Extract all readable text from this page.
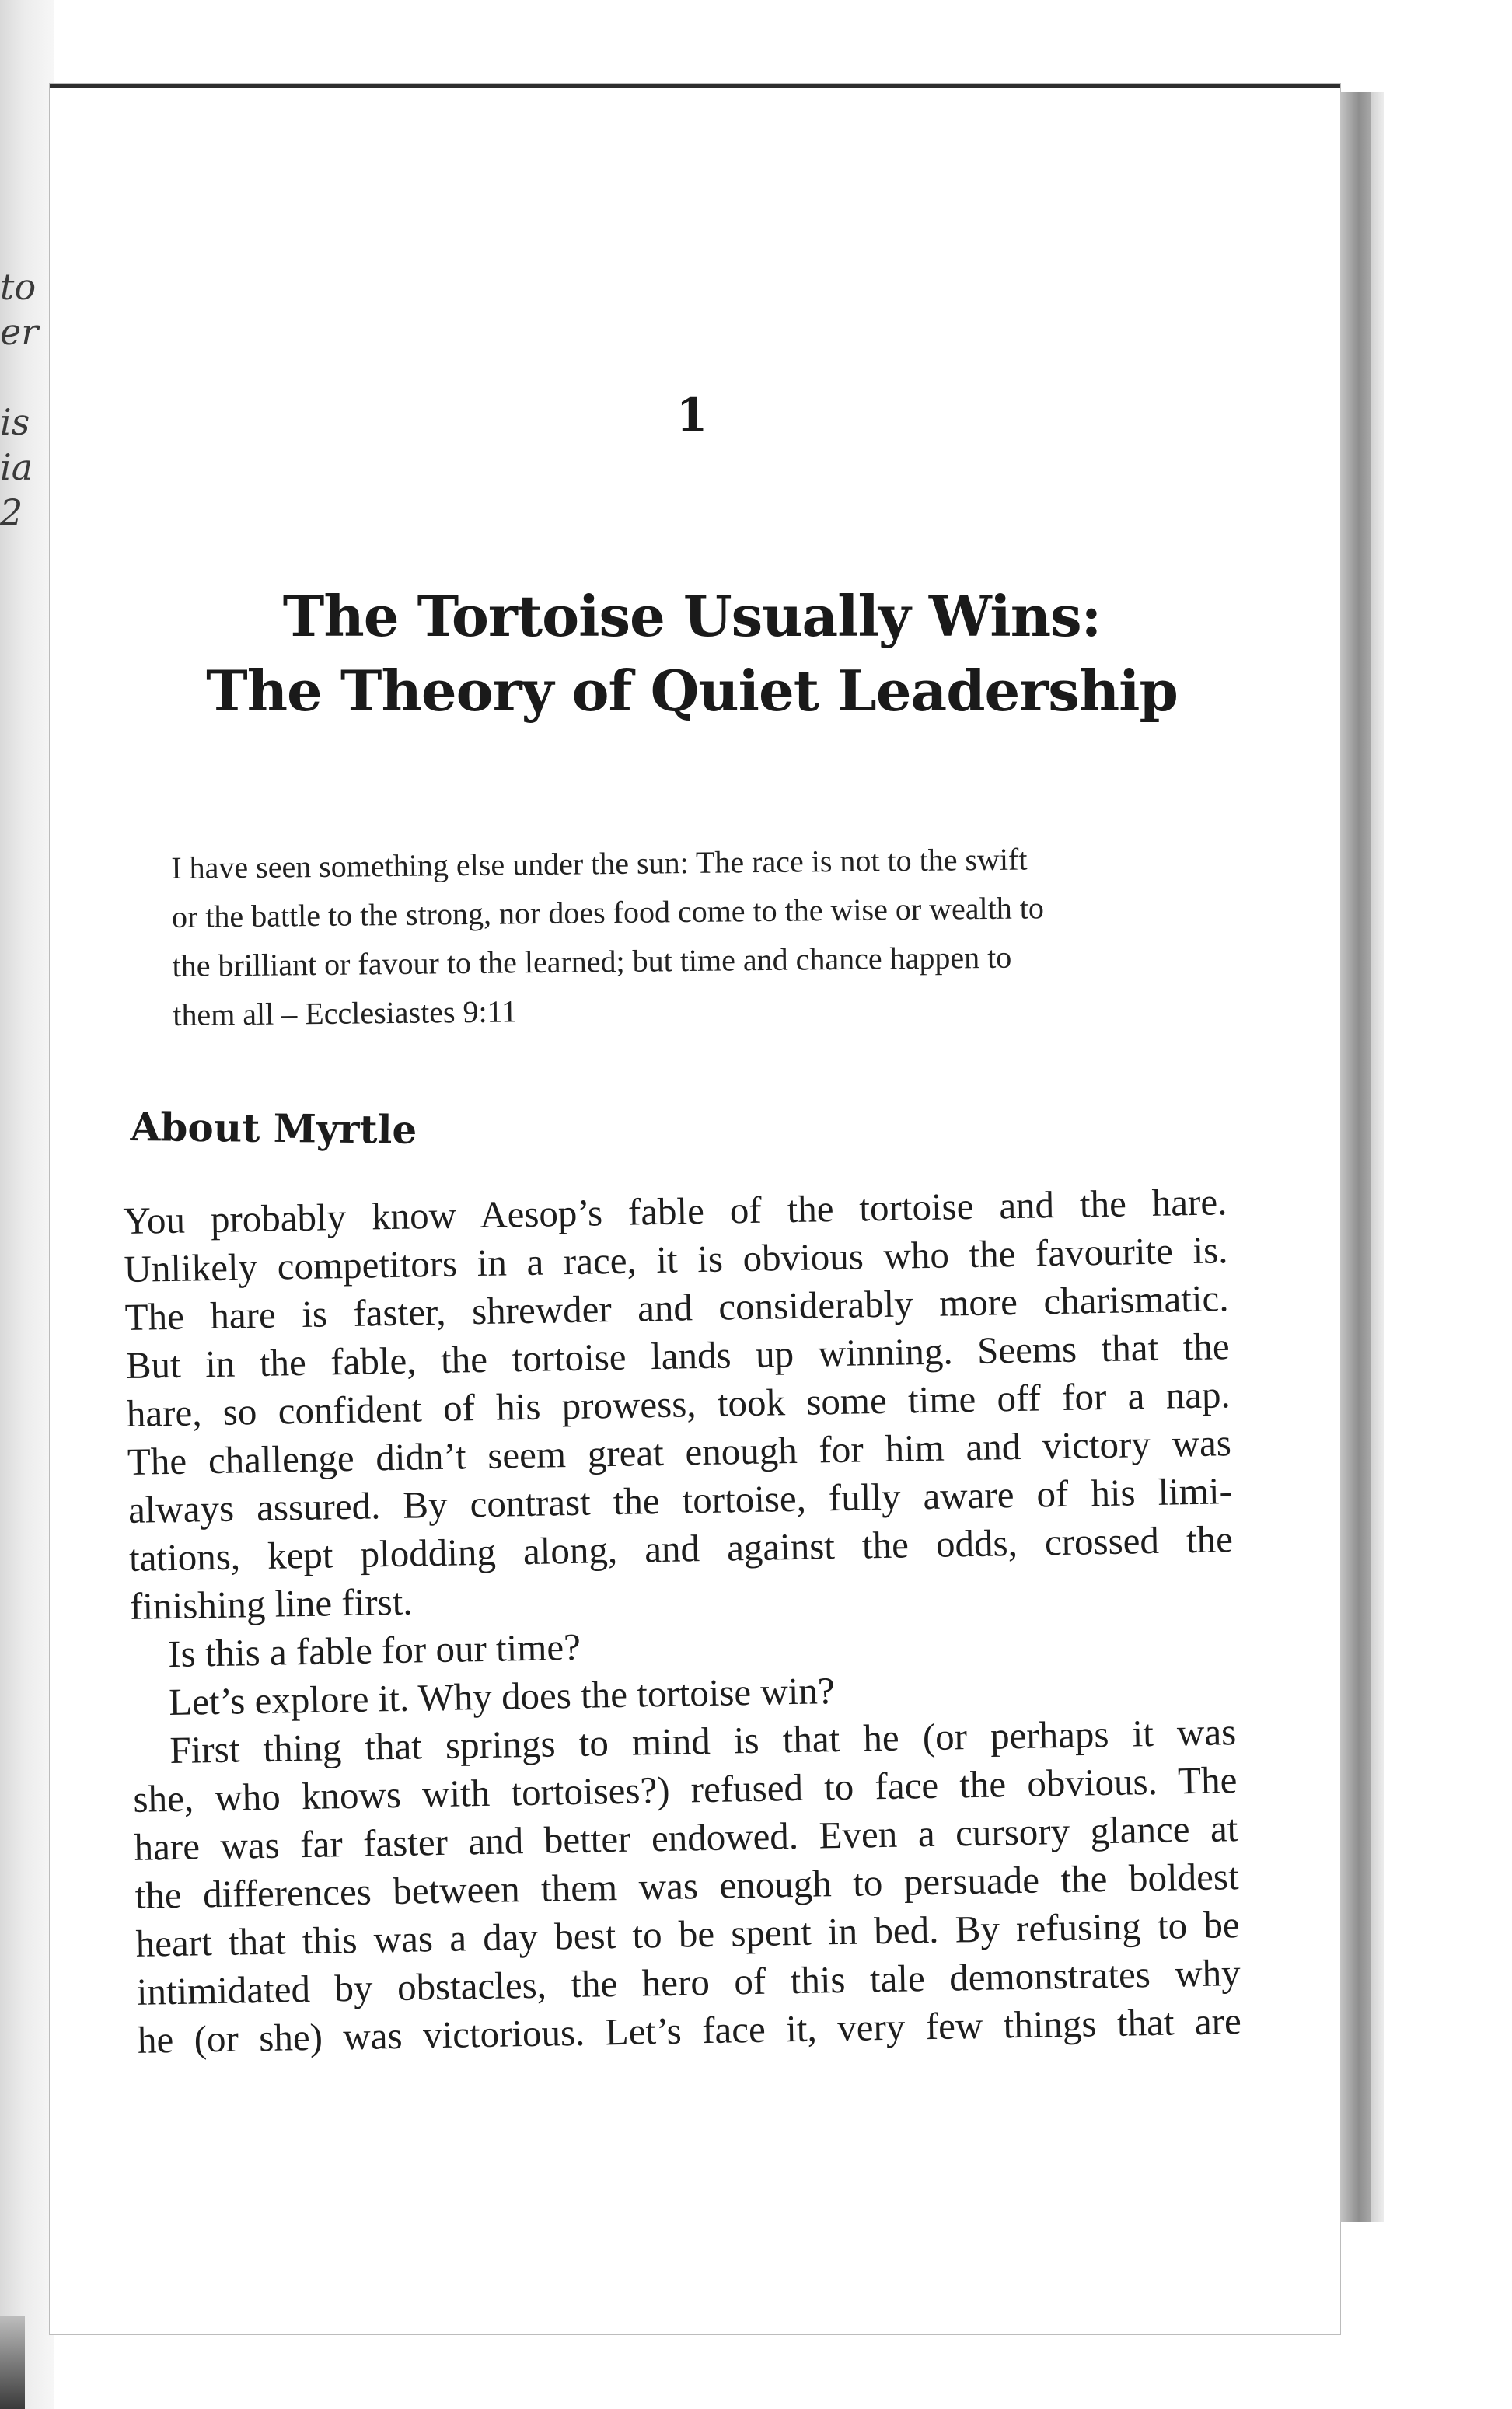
to
er
is
ia
2
1
The Tortoise Usually Wins:
The Theory of Quiet Leadership
I have seen something else under the sun: The race is not to the swift
or the battle to the strong, nor does food come to the wise or wealth to
the brilliant or favour to the learned; but time and chance happen to
them all – Ecclesiastes 9:11
About Myrtle
You probably know Aesop’s fable of the tortoise and the hare.
Unlikely competitors in a race, it is obvious who the favourite is.
The hare is faster, shrewder and considerably more charismatic.
But in the fable, the tortoise lands up winning. Seems that the
hare, so confident of his prowess, took some time off for a nap.
The challenge didn’t seem great enough for him and victory was
always assured. By contrast the tortoise, fully aware of his limi-
tations, kept plodding along, and against the odds, crossed the
finishing line first.
Is this a fable for our time?
Let’s explore it. Why does the tortoise win?
First thing that springs to mind is that he (or perhaps it was
she, who knows with tortoises?) refused to face the obvious. The
hare was far faster and better endowed. Even a cursory glance at
the differences between them was enough to persuade the boldest
heart that this was a day best to be spent in bed. By refusing to be
intimidated by obstacles, the hero of this tale demonstrates why
he (or she) was victorious. Let’s face it, very few things that are
